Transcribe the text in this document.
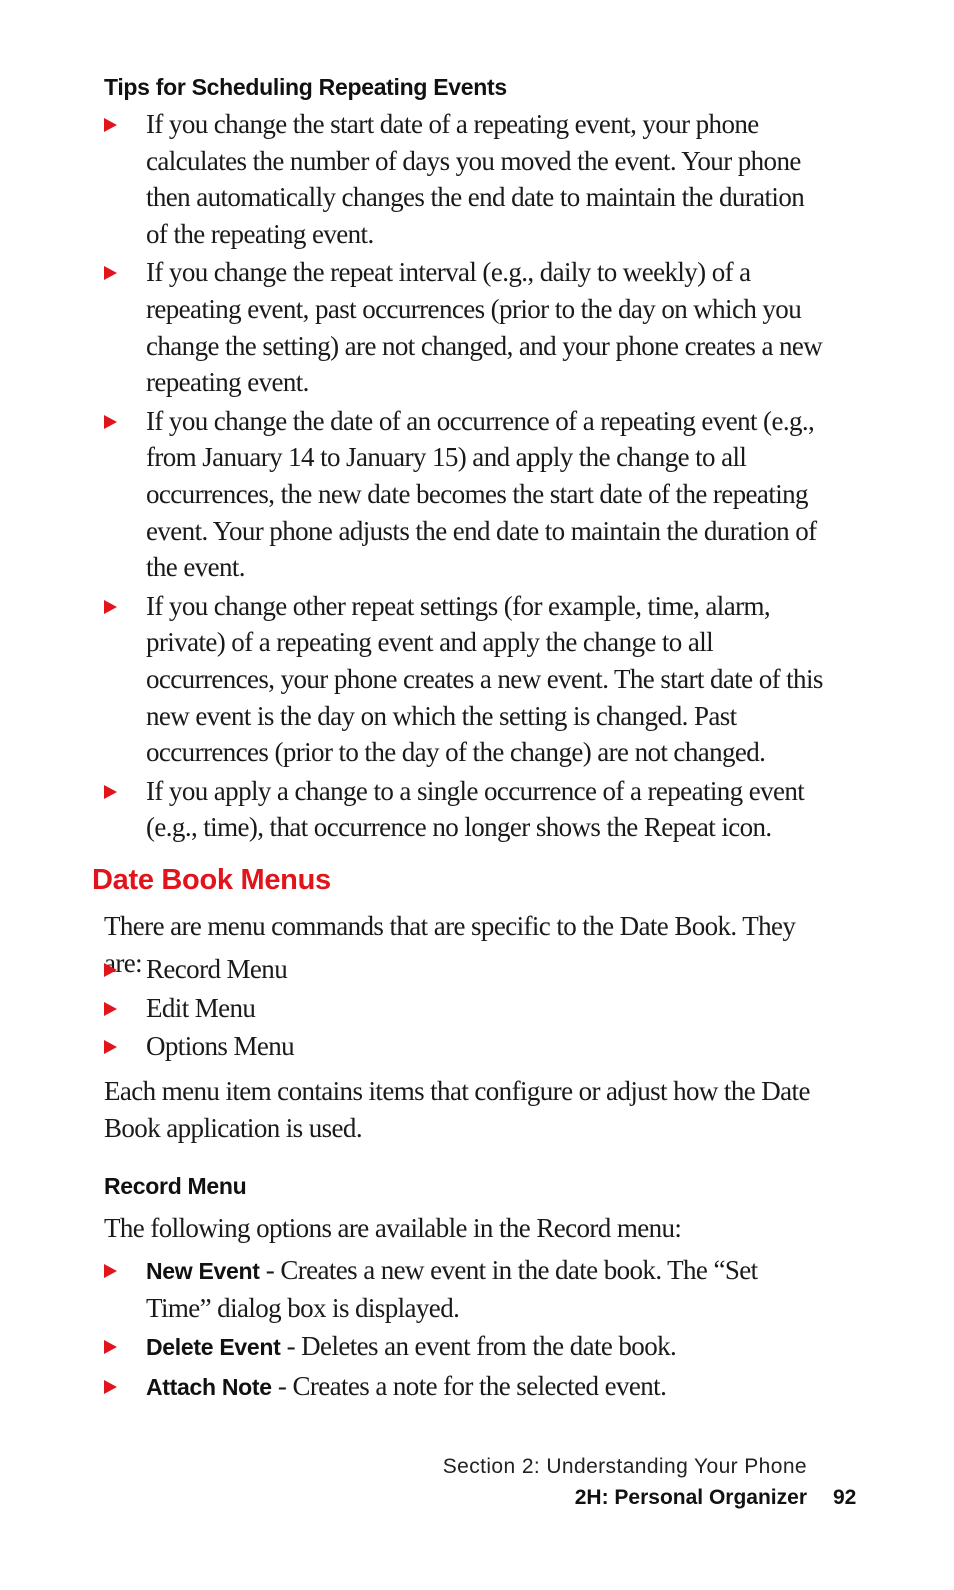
Tips for Scheduling Repeating Events
If you change the start date of a repeating event, your phone calculates the number of days you moved the event. Your phone then automatically changes the end date to maintain the duration of the repeating event.
If you change the repeat interval (e.g., daily to weekly) of a repeating event, past occurrences (prior to the day on which you change the setting) are not changed, and your phone creates a new repeating event.
If you change the date of an occurrence of a repeating event (e.g., from January 14 to January 15) and apply the change to all occurrences, the new date becomes the start date of the repeating event. Your phone adjusts the end date to maintain the duration of the event.
If you change other repeat settings (for example, time, alarm, private) of a repeating event and apply the change to all occurrences, your phone creates a new event. The start date of this new event is the day on which the setting is changed. Past occurrences (prior to the day of the change) are not changed.
If you apply a change to a single occurrence of a repeating event (e.g., time), that occurrence no longer shows the Repeat icon.
Date Book Menus

There are menu commands that are specific to the Date Book. They are: Record Menu
Edit Menu
Options Menu

Each menu item contains items that configure or adjust how the Date Book application is used.

Record Menu

The following options are available in the Record menu:

New Event - Creates a new event in the date book. The “Set Time” dialog box is displayed.
Delete Event - Deletes an event from the date book.
Attach Note - Creates a note for the selected event.
Section 2: Understanding Your Phone
2H: Personal Organizer 92
